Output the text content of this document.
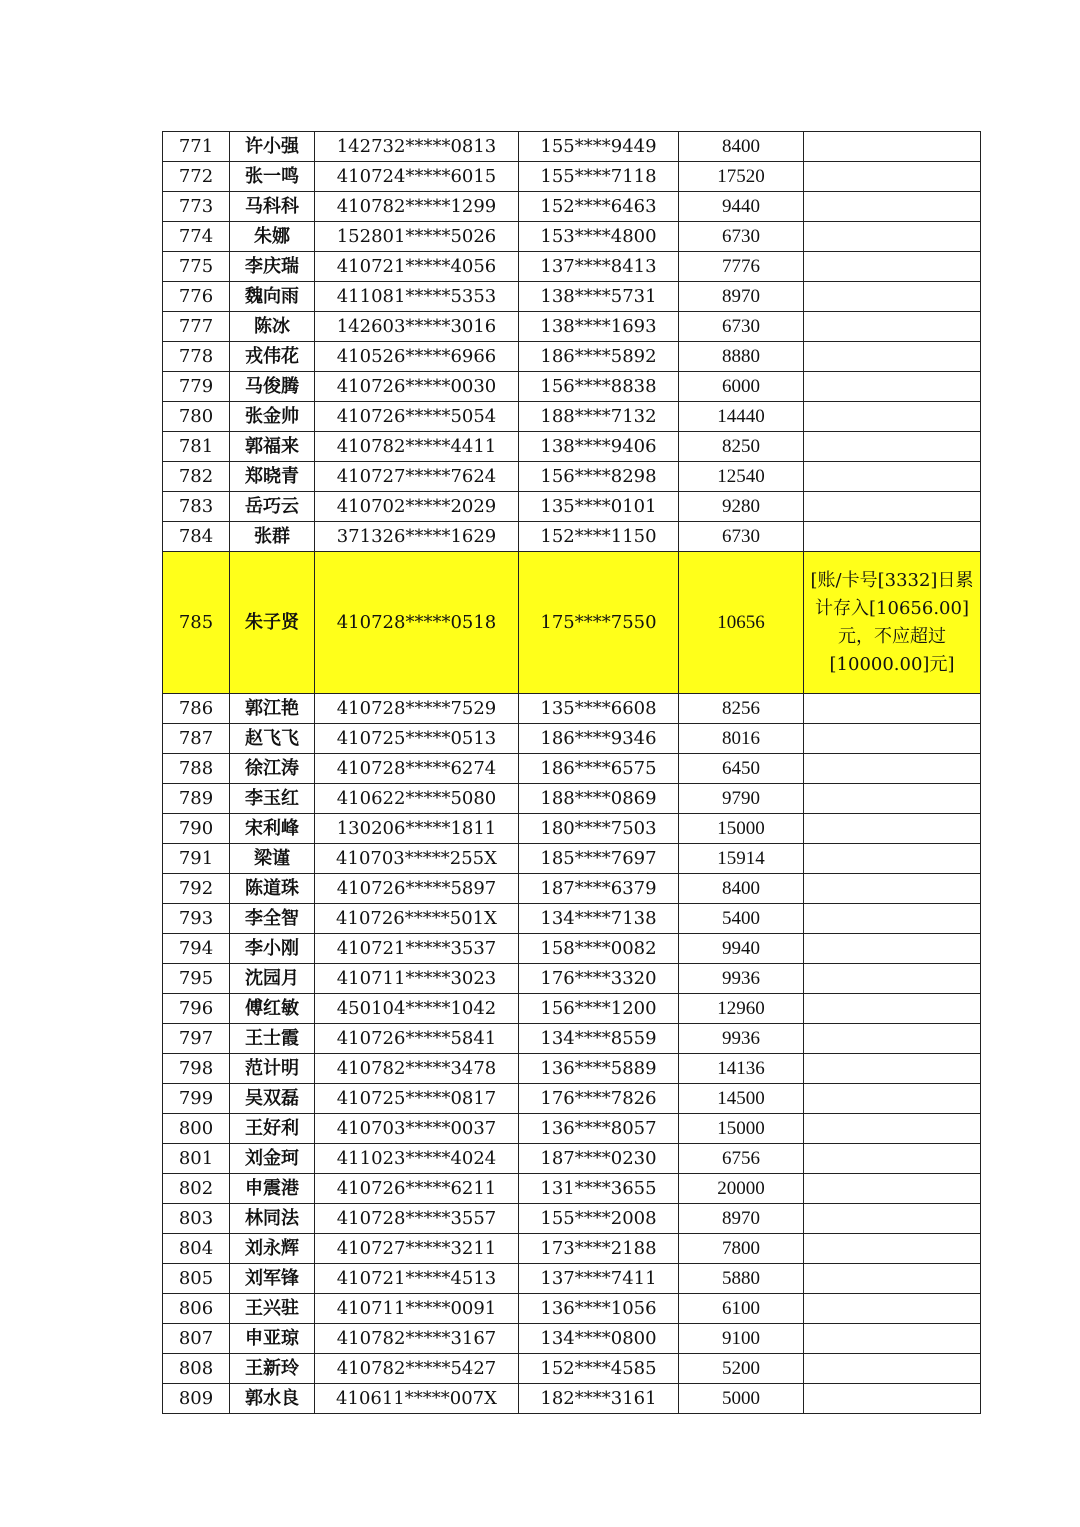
771	许小强	142732*****0813	155****9449	8400	
772	张一鸣	410724*****6015	155****7118	17520	
773	马科科	410782*****1299	152****6463	9440	
774	朱娜	152801*****5026	153****4800	6730	
775	李庆瑞	410721*****4056	137****8413	7776	
776	魏向雨	411081*****5353	138****5731	8970	
777	陈冰	142603*****3016	138****1693	6730	
778	戎伟花	410526*****6966	186****5892	8880	
779	马俊腾	410726*****0030	156****8838	6000	
780	张金帅	410726*****5054	188****7132	14440	
781	郭福来	410782*****4411	138****9406	8250	
782	郑晓青	410727*****7624	156****8298	12540	
783	岳巧云	410702*****2029	135****0101	9280	
784	张群	371326*****1629	152****1150	6730	
785	朱子贤	410728*****0518	175****7550	10656	[账/卡号[3332]日累计存入[10656.00]元，不应超过[10000.00]元]
786	郭江艳	410728*****7529	135****6608	8256	
787	赵飞飞	410725*****0513	186****9346	8016	
788	徐江涛	410728*****6274	186****6575	6450	
789	李玉红	410622*****5080	188****0869	9790	
790	宋利峰	130206*****1811	180****7503	15000	
791	梁谨	410703*****255X	185****7697	15914	
792	陈道珠	410726*****5897	187****6379	8400	
793	李全智	410726*****501X	134****7138	5400	
794	李小刚	410721*****3537	158****0082	9940	
795	沈园月	410711*****3023	176****3320	9936	
796	傅红敏	450104*****1042	156****1200	12960	
797	王士霞	410726*****5841	134****8559	9936	
798	范计明	410782*****3478	136****5889	14136	
799	吴双磊	410725*****0817	176****7826	14500	
800	王好利	410703*****0037	136****8057	15000	
801	刘金珂	411023*****4024	187****0230	6756	
802	申震港	410726*****6211	131****3655	20000	
803	林同法	410728*****3557	155****2008	8970	
804	刘永辉	410727*****3211	173****2188	7800	
805	刘军锋	410721*****4513	137****7411	5880	
806	王兴驻	410711*****0091	136****1056	6100	
807	申亚琼	410782*****3167	134****0800	9100	
808	王新玲	410782*****5427	152****4585	5200	
809	郭水良	410611*****007X	182****3161	5000	
